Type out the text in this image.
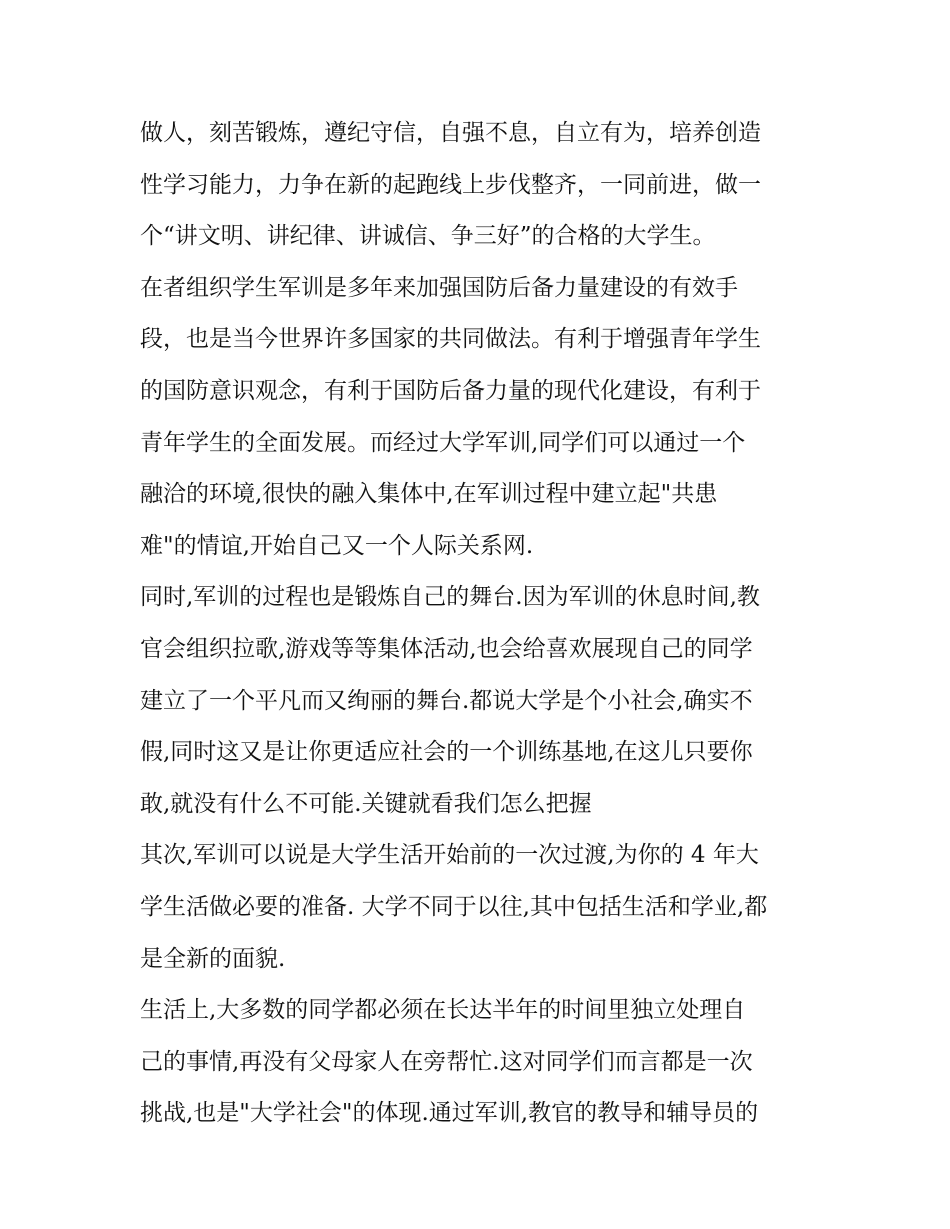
做人，刻苦锻炼，遵纪守信，自强不息，自立有为，培养创造
性学习能力，力争在新的起跑线上步伐整齐，一同前进，做一
个“讲文明、讲纪律、讲诚信、争三好”的合格的大学生。

在者组织学生军训是多年来加强国防后备力量建设的有效手
段，也是当今世界许多国家的共同做法。有利于增强青年学生
的国防意识观念，有利于国防后备力量的现代化建设，有利于
青年学生的全面发展。而经过大学军训,同学们可以通过一个
融洽的环境,很快的融入集体中,在军训过程中建立起"共患
难"的情谊,开始自己又一个人际关系网.

同时,军训的过程也是锻炼自己的舞台.因为军训的休息时间,教
官会组织拉歌,游戏等等集体活动,也会给喜欢展现自己的同学
建立了一个平凡而又绚丽的舞台.都说大学是个小社会,确实不
假,同时这又是让你更适应社会的一个训练基地,在这儿只要你
敢,就没有什么不可能.关键就看我们怎么把握

其次,军训可以说是大学生活开始前的一次过渡,为你的 4 年大
学生活做必要的准备. 大学不同于以往,其中包括生活和学业,都
是全新的面貌.

生活上,大多数的同学都必须在长达半年的时间里独立处理自
己的事情,再没有父母家人在旁帮忙.这对同学们而言都是一次
挑战,也是"大学社会"的体现.通过军训,教官的教导和辅导员的
